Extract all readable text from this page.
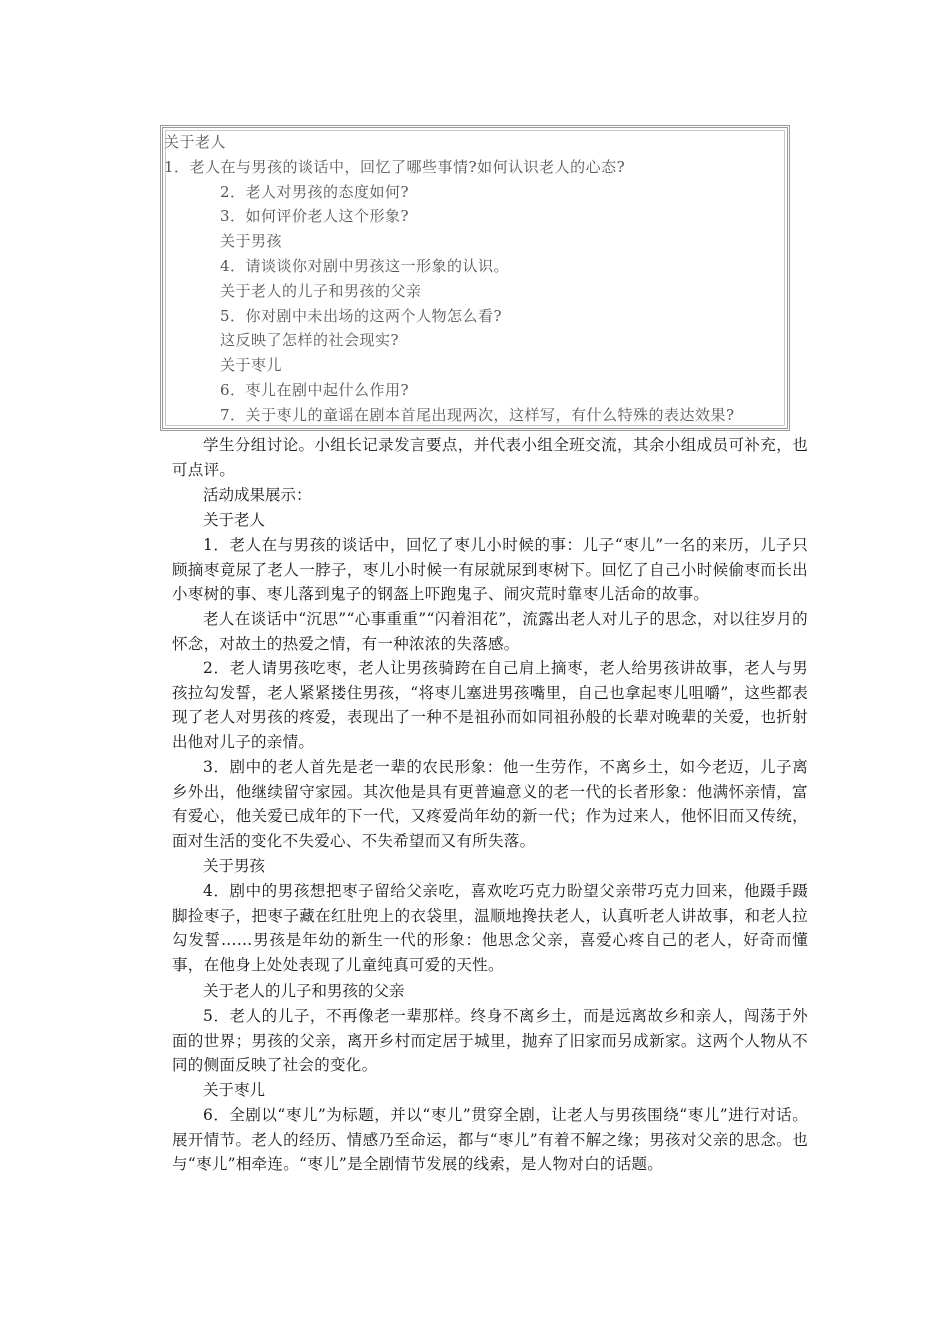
关于老人
1．老人在与男孩的谈话中，回忆了哪些事情?如何认识老人的心态?
2．老人对男孩的态度如何?
3．如何评价老人这个形象?
关于男孩
4．请谈谈你对剧中男孩这一形象的认识。
关于老人的儿子和男孩的父亲
5．你对剧中未出场的这两个人物怎么看?
这反映了怎样的社会现实?
关于枣儿
6．枣儿在剧中起什么作用?
7．关于枣儿的童谣在剧本首尾出现两次，这样写，有什么特殊的表达效果?
学生分组讨论。小组长记录发言要点，并代表小组全班交流，其余小组成员可补充，也可点评。
活动成果展示：
关于老人
1．老人在与男孩的谈话中，回忆了枣儿小时候的事：儿子“枣儿”一名的来历，儿子只顾摘枣竟尿了老人一脖子，枣儿小时候一有尿就尿到枣树下。回忆了自己小时候偷枣而长出小枣树的事、枣儿落到鬼子的钢盔上吓跑鬼子、闹灾荒时靠枣儿活命的故事。
老人在谈话中“沉思”“心事重重”“闪着泪花”，流露出老人对儿子的思念，对以往岁月的怀念，对故土的热爱之情，有一种浓浓的失落感。
2．老人请男孩吃枣，老人让男孩骑跨在自己肩上摘枣，老人给男孩讲故事，老人与男孩拉勾发誓，老人紧紧搂住男孩，“将枣儿塞进男孩嘴里，自己也拿起枣儿咀嚼”，这些都表现了老人对男孩的疼爱，表现出了一种不是祖孙而如同祖孙般的长辈对晚辈的关爱，也折射出他对儿子的亲情。
3．剧中的老人首先是老一辈的农民形象：他一生劳作，不离乡土，如今老迈，儿子离乡外出，他继续留守家园。其次他是具有更普遍意义的老一代的长者形象：他满怀亲情，富有爱心，他关爱已成年的下一代，又疼爱尚年幼的新一代；作为过来人，他怀旧而又传统，面对生活的变化不失爱心、不失希望而又有所失落。
关于男孩
4．剧中的男孩想把枣子留给父亲吃，喜欢吃巧克力盼望父亲带巧克力回来，他蹑手蹑脚捡枣子，把枣子藏在红肚兜上的衣袋里，温顺地搀扶老人，认真听老人讲故事，和老人拉勾发誓……男孩是年幼的新生一代的形象：他思念父亲，喜爱心疼自己的老人，好奇而懂事，在他身上处处表现了儿童纯真可爱的天性。
关于老人的儿子和男孩的父亲
5．老人的儿子，不再像老一辈那样。终身不离乡土，而是远离故乡和亲人，闯荡于外面的世界；男孩的父亲，离开乡村而定居于城里，抛弃了旧家而另成新家。这两个人物从不同的侧面反映了社会的变化。
关于枣儿
6．全剧以“枣儿”为标题，并以“枣儿”贯穿全剧，让老人与男孩围绕“枣儿”进行对话。展开情节。老人的经历、情感乃至命运，都与“枣儿”有着不解之缘；男孩对父亲的思念。也与“枣儿”相牵连。“枣儿”是全剧情节发展的线索，是人物对白的话题。
